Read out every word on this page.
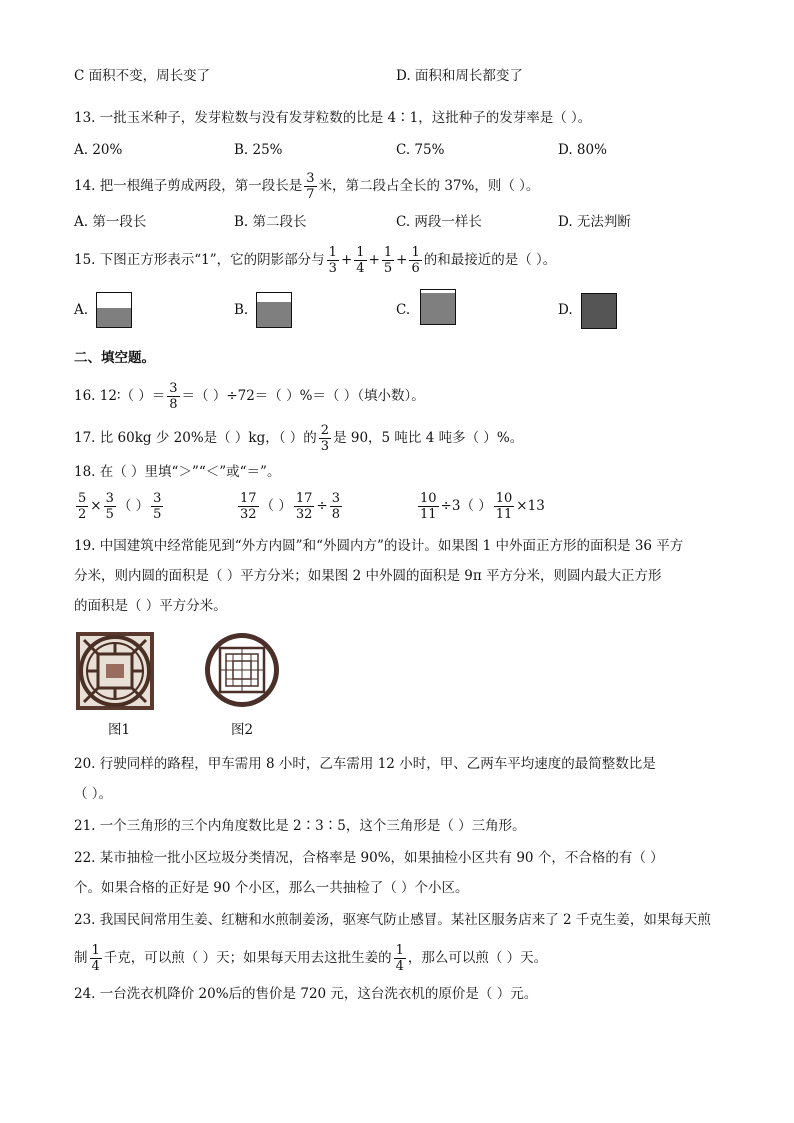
C 面积不变，周长变了	D. 面积和周长都变了
13. 一批玉米种子，发芽粒数与没有发芽粒数的比是 4∶1，这批种子的发芽率是（ ）。
A. 20%	B. 25%	C. 75%	D. 80%
14. 把一根绳子剪成两段，第一段长是 $\frac{3}{7}$ 米，第二段占全长的 37%，则（ ）。
A. 第一段长	B. 第二段长	C. 两段一样长	D. 无法判断
15. 下图正方形表示“1”，它的阴影部分与 $\frac{1}{3} + \frac{1}{4} + \frac{1}{5} + \frac{1}{6}$ 的和最接近的是（ ）。
A.	B.	C.	D.
二、填空题。
16. 12∶（ ）＝ $\frac{3}{8}$ ＝（ ）÷72＝（ ）%＝（ ）（填小数）。
17. 比 60kg 少 20%是（ ）kg，（ ）的 $\frac{2}{3}$ 是 90，5 吨比 4 吨多（ ）%。
18. 在（ ）里填“＞”“＜”或“＝”。
$\frac{5}{2} \times \frac{3}{5}$ （ ） $\frac{3}{5}$	$\frac{17}{32}$ （ ） $\frac{17}{32} \div \frac{3}{8}$	$\frac{10}{11} \div 3$（ ） $\frac{10}{11} \times 13$
19. 中国建筑中经常能见到“外方内圆”和“外圆内方”的设计。如果图 1 中外面正方形的面积是 36 平方
分米，则内圆的面积是（ ）平方分米；如果图 2 中外圆的面积是 9π 平方分米，则圆内最大正方形
的面积是（ ）平方分米。
图1	图2
20. 行驶同样的路程，甲车需用 8 小时，乙车需用 12 小时，甲、乙两车平均速度的最简整数比是
（ ）。
21. 一个三角形的三个内角度数比是 2∶3∶5，这个三角形是（ ）三角形。
22. 某市抽检一批小区垃圾分类情况，合格率是 90%，如果抽检小区共有 90 个，不合格的有（ ）
个。如果合格的正好是 90 个小区，那么一共抽检了（ ）个小区。
23. 我国民间常用生姜、红糖和水煎制姜汤，驱寒气防止感冒。某社区服务店来了 2 千克生姜，如果每天煎
制 $\frac{1}{4}$ 千克，可以煎（ ）天；如果每天用去这批生姜的 $\frac{1}{4}$ ，那么可以煎（ ）天。
24. 一台洗衣机降价 20%后的售价是 720 元，这台洗衣机的原价是（ ）元。
